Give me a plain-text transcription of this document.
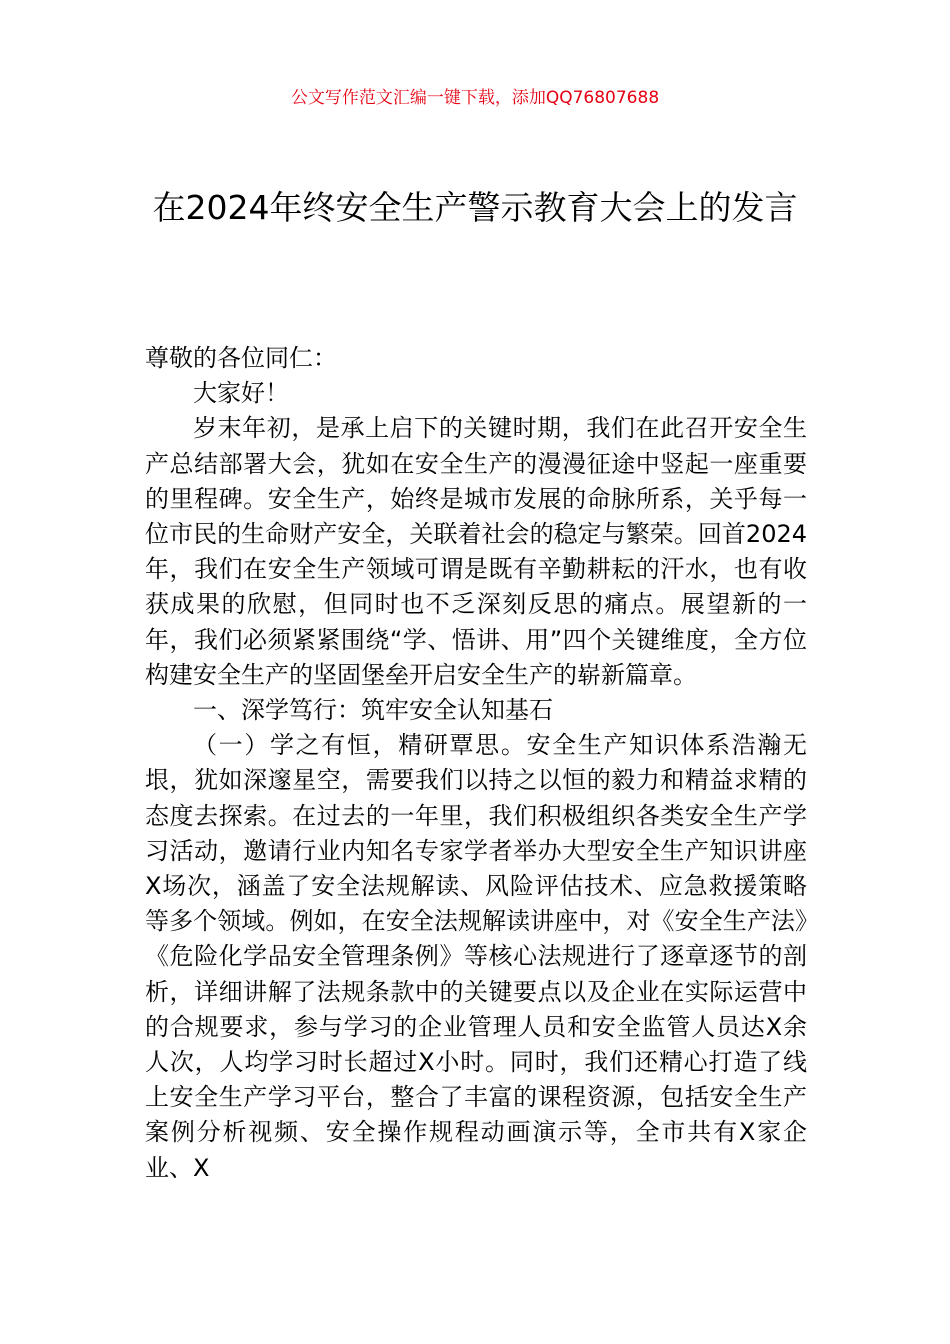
公文写作范文汇编一键下载，添加QQ76807688
在2024年终安全生产警示教育大会上的发言

尊敬的各位同仁：

大家好！

岁末年初，是承上启下的关键时期，我们在此召开安全生产总结部署大会，犹如在安全生产的漫漫征途中竖起一座重要的里程碑。安全生产，始终是城市发展的命脉所系，关乎每一位市民的生命财产安全，关联着社会的稳定与繁荣。回首2024年，我们在安全生产领域可谓是既有辛勤耕耘的汗水，也有收获成果的欣慰，但同时也不乏深刻反思的痛点。展望新的一年，我们必须紧紧围绕“学、悟讲、用”四个关键维度，全方位构建安全生产的坚固堡垒开启安全生产的崭新篇章。

一、深学笃行：筑牢安全认知基石

（一）学之有恒，精研覃思。安全生产知识体系浩瀚无垠，犹如深邃星空，需要我们以持之以恒的毅力和精益求精的态度去探索。在过去的一年里，我们积极组织各类安全生产学习活动，邀请行业内知名专家学者举办大型安全生产知识讲座X场次，涵盖了安全法规解读、风险评估技术、应急救援策略等多个领域。例如，在安全法规解读讲座中，对《安全生产法》《危险化学品安全管理条例》等核心法规进行了逐章逐节的剖析，详细讲解了法规条款中的关键要点以及企业在实际运营中的合规要求，参与学习的企业管理人员和安全监管人员达X余人次，人均学习时长超过X小时。同时，我们还精心打造了线上安全生产学习平台，整合了丰富的课程资源，包括安全生产案例分析视频、安全操作规程动画演示等，全市共有X家企业、X
